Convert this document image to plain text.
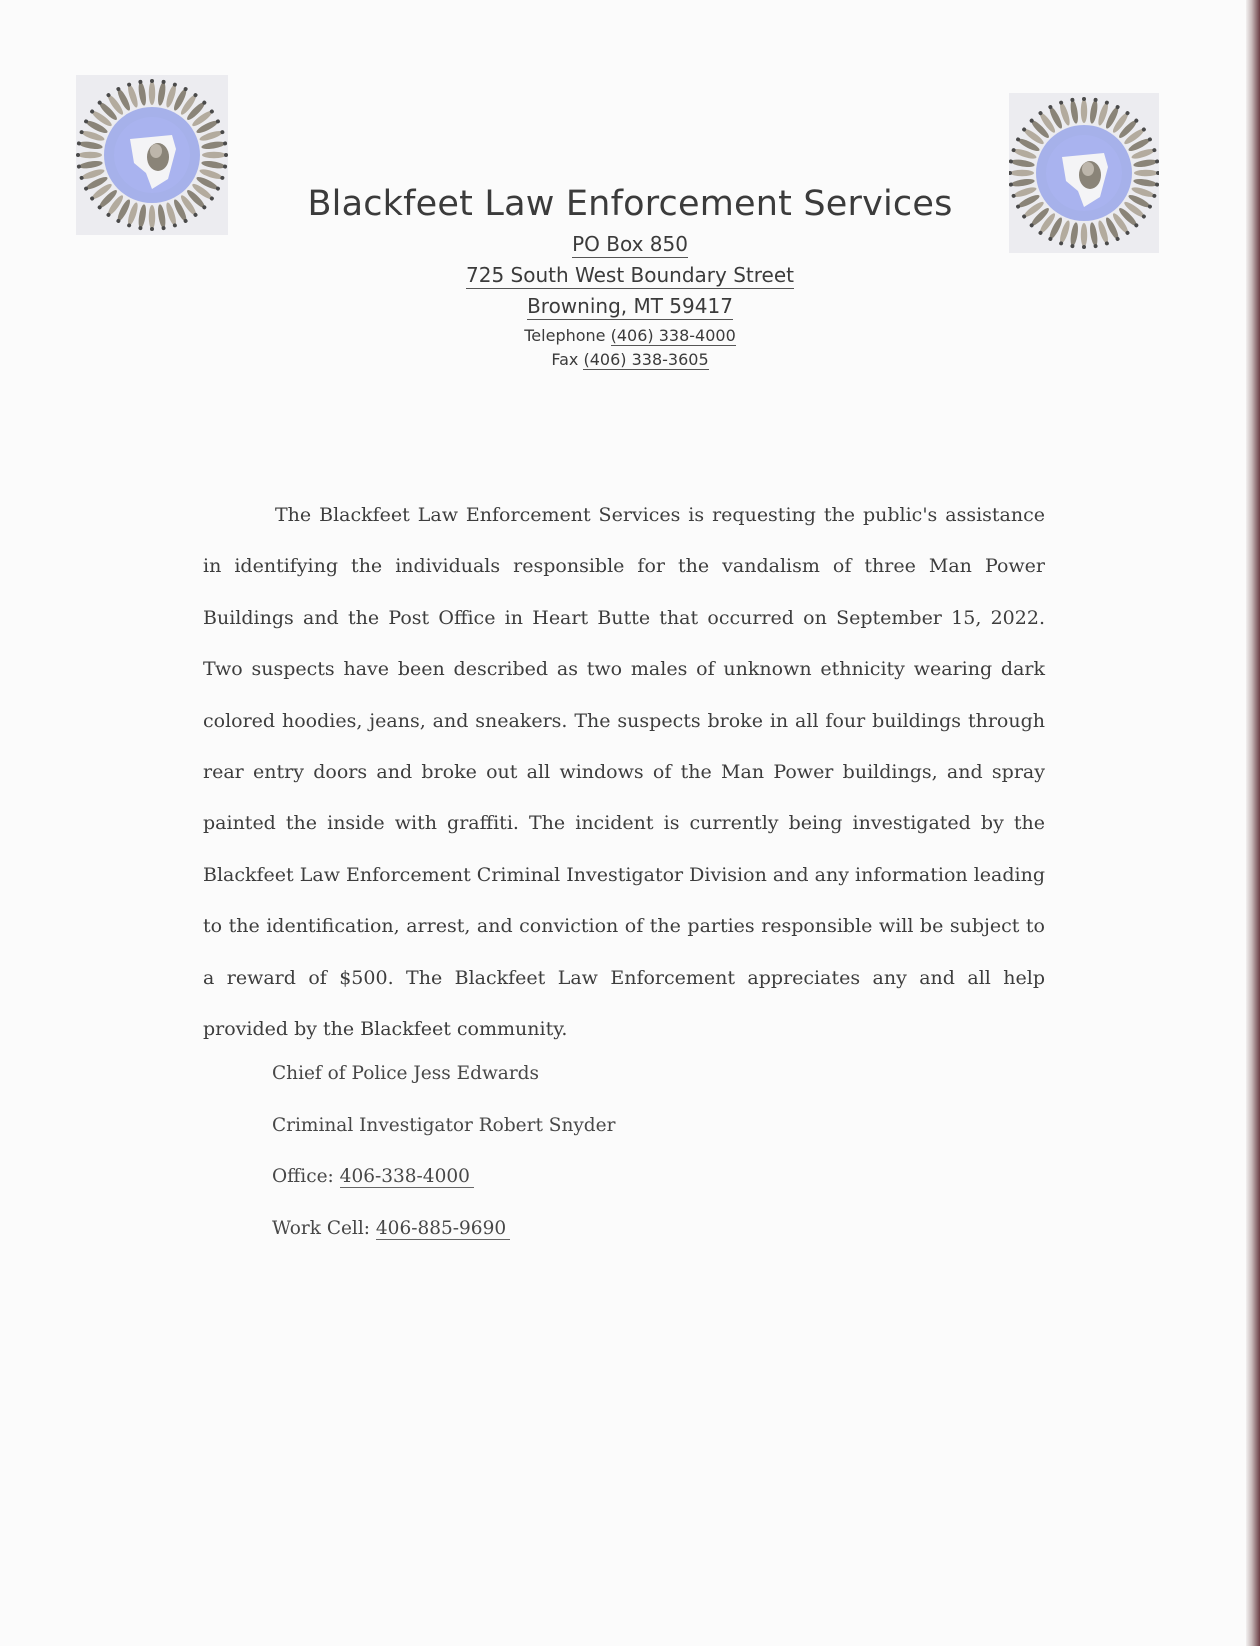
Blackfeet Law Enforcement Services
PO Box 850
725 South West Boundary Street
Browning, MT 59417
Telephone (406) 338-4000
Fax (406) 338-3605
The Blackfeet Law Enforcement Services is requesting the public's assistance in identifying the individuals responsible for the vandalism of three Man Power Buildings and the Post Office in Heart Butte that occurred on September 15, 2022. Two suspects have been described as two males of unknown ethnicity wearing dark colored hoodies, jeans, and sneakers. The suspects broke in all four buildings through rear entry doors and broke out all windows of the Man Power buildings, and spray painted the inside with graffiti. The incident is currently being investigated by the Blackfeet Law Enforcement Criminal Investigator Division and any information leading to the identification, arrest, and conviction of the parties responsible will be subject to a reward of $500. The Blackfeet Law Enforcement appreciates any and all help provided by the Blackfeet community.
Chief of Police Jess Edwards
Criminal Investigator Robert Snyder
Office: 406-338-4000
Work Cell: 406-885-9690
